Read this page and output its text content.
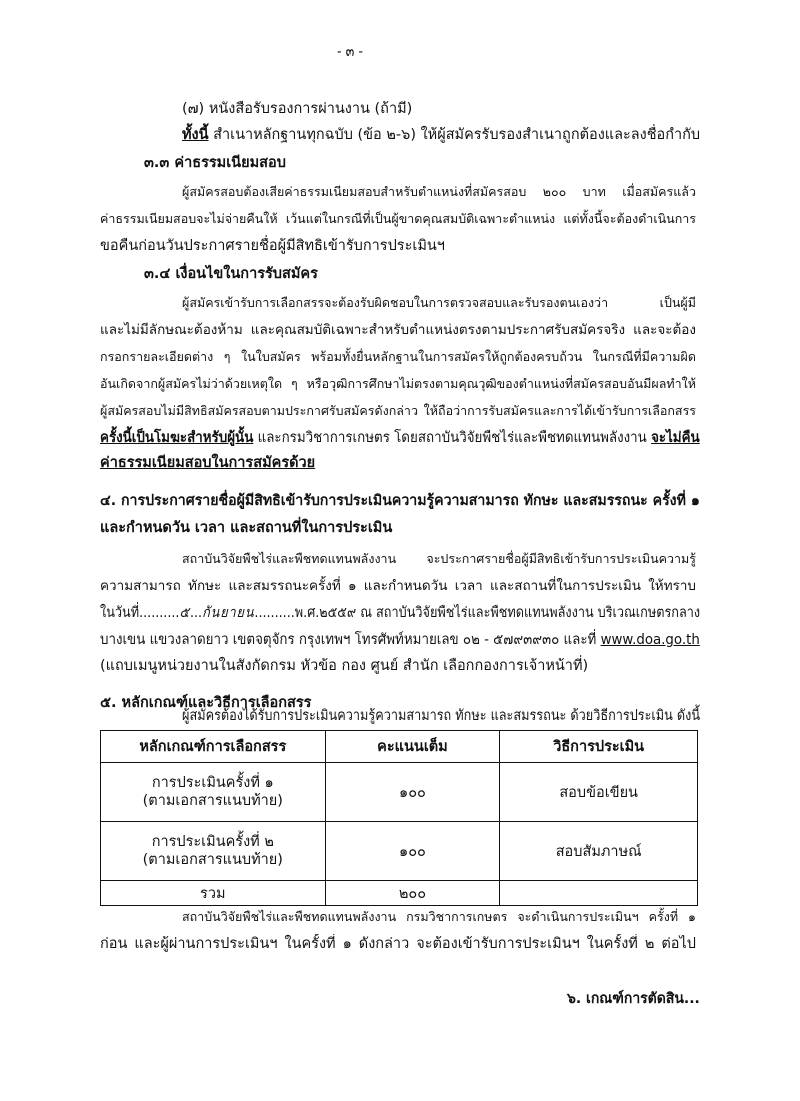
- ๓ -
(๗) หนังสือรับรองการผ่านงาน (ถ้ามี)
ทั้งนี้ สำเนาหลักฐานทุกฉบับ (ข้อ ๒-๖) ให้ผู้สมัครรับรองสำเนาถูกต้องและลงชื่อกำกับ
๓.๓ ค่าธรรมเนียมสอบ
ผู้สมัครสอบต้องเสียค่าธรรมเนียมสอบสำหรับตำแหน่งที่สมัครสอบ ๒๐๐ บาท เมื่อสมัครแล้ว
ค่าธรรมเนียมสอบจะไม่จ่ายคืนให้ เว้นแต่ในกรณีที่เป็นผู้ขาดคุณสมบัติเฉพาะตำแหน่ง แต่ทั้งนี้จะต้องดำเนินการ
ขอคืนก่อนวันประกาศรายชื่อผู้มีสิทธิเข้ารับการประเมินฯ
๓.๔ เงื่อนไขในการรับสมัคร
ผู้สมัครเข้ารับการเลือกสรรจะต้องรับผิดชอบในการตรวจสอบและรับรองตนเองว่า เป็นผู้มี
และไม่มีลักษณะต้องห้าม และคุณสมบัติเฉพาะสำหรับตำแหน่งตรงตามประกาศรับสมัครจริง และจะต้อง
กรอกรายละเอียดต่าง ๆ ในใบสมัคร พร้อมทั้งยื่นหลักฐานในการสมัครให้ถูกต้องครบถ้วน ในกรณีที่มีความผิด
อันเกิดจากผู้สมัครไม่ว่าด้วยเหตุใด ๆ หรือวุฒิการศึกษาไม่ตรงตามคุณวุฒิของตำแหน่งที่สมัครสอบอันมีผลทำให้
ผู้สมัครสอบไม่มีสิทธิสมัครสอบตามประกาศรับสมัครดังกล่าว ให้ถือว่าการรับสมัครและการได้เข้ารับการเลือกสรร
ครั้งนี้เป็นโมฆะสำหรับผู้นั้น และกรมวิชาการเกษตร โดยสถาบันวิจัยพืชไร่และพืชทดแทนพลังงาน จะไม่คืน
ค่าธรรมเนียมสอบในการสมัครด้วย
๔. การประกาศรายชื่อผู้มีสิทธิเข้ารับการประเมินความรู้ความสามารถ ทักษะ และสมรรถนะ ครั้งที่ ๑
และกำหนดวัน เวลา และสถานที่ในการประเมิน
สถาบันวิจัยพืชไร่และพืชทดแทนพลังงาน จะประกาศรายชื่อผู้มีสิทธิเข้ารับการประเมินความรู้
ความสามารถ ทักษะ และสมรรถนะครั้งที่ ๑ และกำหนดวัน เวลา และสถานที่ในการประเมิน ให้ทราบ
ในวันที่..........๕...กันยายน..........พ.ศ.๒๕๕๙ ณ สถาบันวิจัยพืชไร่และพืชทดแทนพลังงาน บริเวณเกษตรกลาง
บางเขน แขวงลาดยาว เขตจตุจักร กรุงเทพฯ โทรศัพท์หมายเลข ๐๒ - ๕๗๙๓๙๓๐ และที่ www.doa.go.th
(แถบเมนูหน่วยงานในสังกัดกรม หัวข้อ กอง ศูนย์ สำนัก เลือกกองการเจ้าหน้าที่)
๕. หลักเกณฑ์และวิธีการเลือกสรร
ผู้สมัครต้องได้รับการประเมินความรู้ความสามารถ ทักษะ และสมรรถนะ ด้วยวิธีการประเมิน ดังนี้
หลักเกณฑ์การเลือกสรร	คะแนนเต็ม	วิธีการประเมิน

การประเมินครั้งที่ ๑
(ตามเอกสารแนบท้าย)	๑๐๐	สอบข้อเขียน

การประเมินครั้งที่ ๒
(ตามเอกสารแนบท้าย)	๑๐๐	สอบสัมภาษณ์
รวม	๒๐๐	
สถาบันวิจัยพืชไร่และพืชทดแทนพลังงาน กรมวิชาการเกษตร จะดำเนินการประเมินฯ ครั้งที่ ๑
ก่อน และผู้ผ่านการประเมินฯ ในครั้งที่ ๑ ดังกล่าว จะต้องเข้ารับการประเมินฯ ในครั้งที่ ๒ ต่อไป
๖. เกณฑ์การตัดสิน...
